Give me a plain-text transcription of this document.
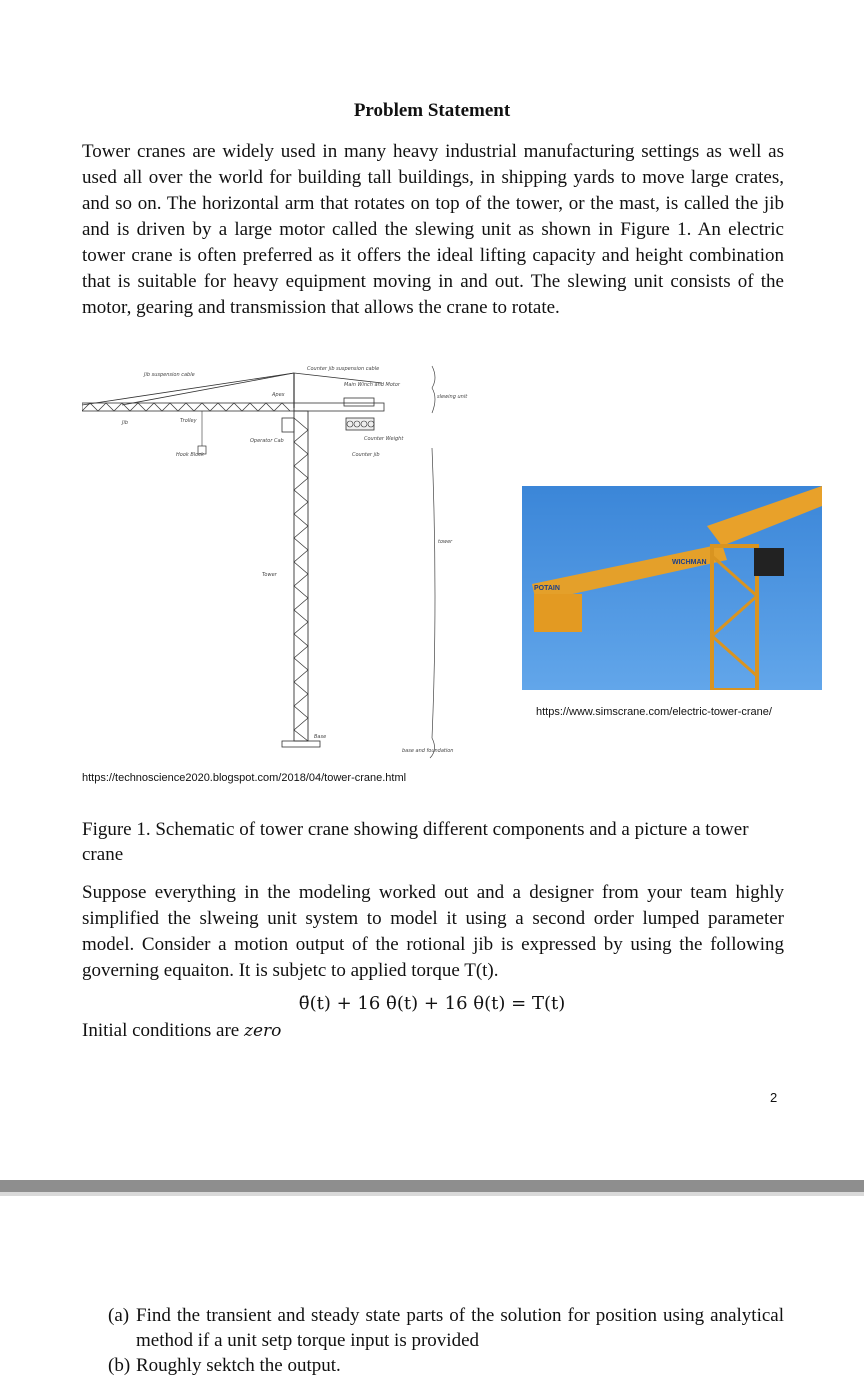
Problem Statement

Tower cranes are widely used in many heavy industrial manufacturing settings as well as used all over the world for building tall buildings, in shipping yards to move large crates, and so on. The horizontal arm that rotates on top of the tower, or the mast, is called the jib and is driven by a large motor called the slewing unit as shown in Figure 1. An electric tower crane is often preferred as it offers the ideal lifting capacity and height combination that is suitable for heavy equipment moving in and out. The slewing unit consists of the motor, gearing and transmission that allows the crane to rotate.

Jib suspension cable
Counter jib suspension cable
Main Winch and Motor
Apex	slewing unit
Jib	Trolley
Operator Cab	Counter Weight
Hook Block	Counter jib
tower
Tower
Base
base and foundation
POTAIN
WICHMAN
https://www.simscrane.com/electric-tower-crane/
https://technoscience2020.blogspot.com/2018/04/tower-crane.html

Figure 1. Schematic of tower crane showing different components and a picture a tower crane

Suppose everything in the modeling worked out and a designer from your team highly simplified the slweing unit system to model it using a second order lumped parameter model. Consider a motion output of the rotional jib is expressed by using the following governing equaiton. It is subjetc to applied torque T(t).

θ̈(t) + 16 θ̇(t) + 16 θ(t) = T(t)
Initial conditions are zero
2
(a) Find the transient and steady state parts of the solution for position using analytical method if a unit setp torque input is provided
(b) Roughly sektch the output.
